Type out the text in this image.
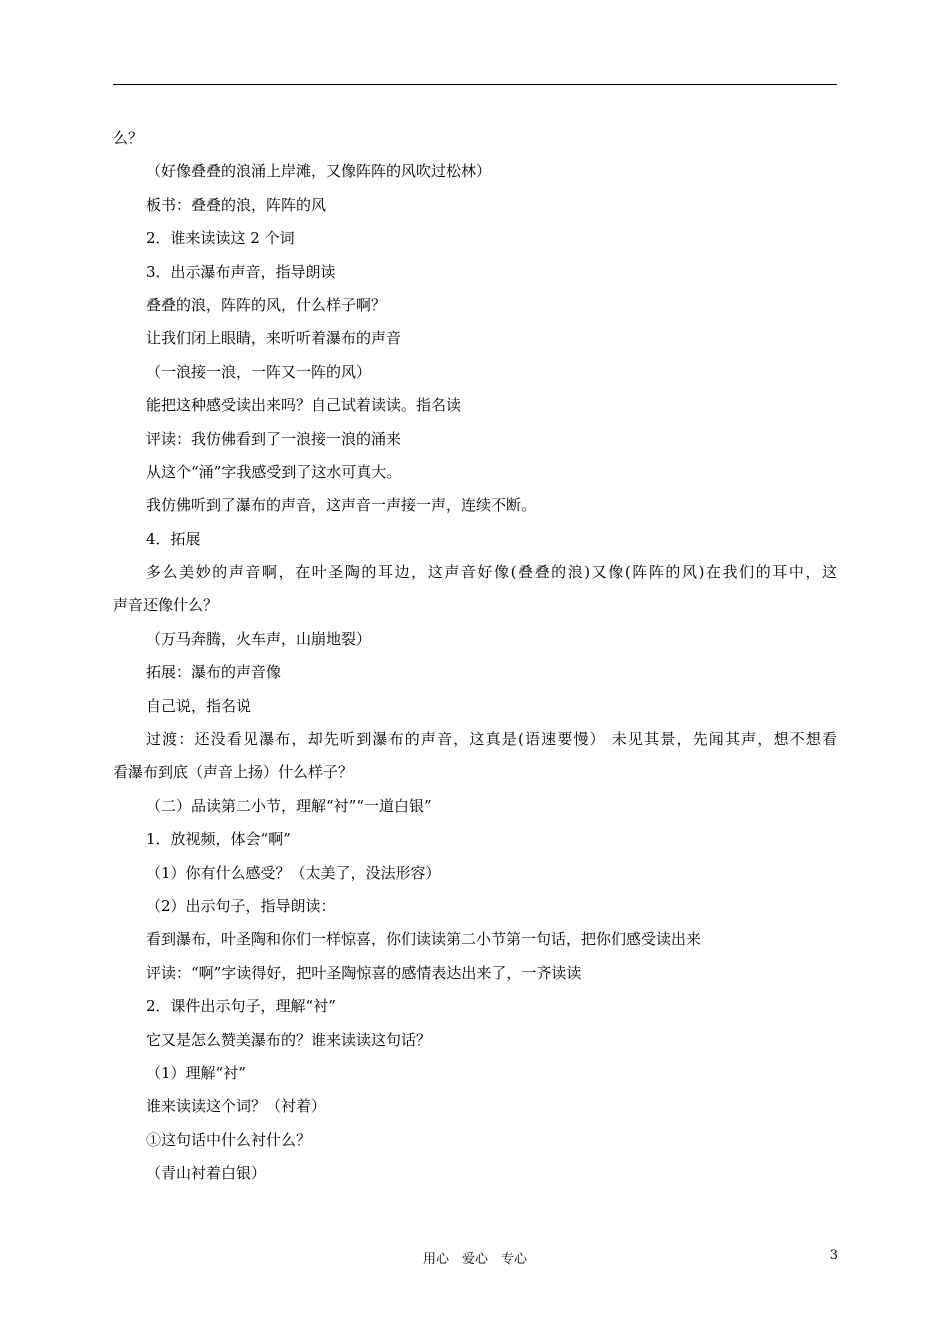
么？
（好像叠叠的浪涌上岸滩，又像阵阵的风吹过松林）
板书：叠叠的浪，阵阵的风
2．谁来读读这 2 个词
3．出示瀑布声音，指导朗读
叠叠的浪，阵阵的风，什么样子啊？
让我们闭上眼睛，来听听着瀑布的声音
（一浪接一浪，一阵又一阵的风）
能把这种感受读出来吗？自己试着读读。指名读
评读：我仿佛看到了一浪接一浪的涌来
从这个“涌”字我感受到了这水可真大。
我仿佛听到了瀑布的声音，这声音一声接一声，连续不断。
4．拓展
多么美妙的声音啊，在叶圣陶的耳边，这声音好像(叠叠的浪)又像(阵阵的风)在我们的耳中，这
声音还像什么？
（万马奔腾，火车声，山崩地裂）
拓展：瀑布的声音像
自己说，指名说
过渡：还没看见瀑布，却先听到瀑布的声音，这真是(语速要慢） 未见其景，先闻其声，想不想看
看瀑布到底（声音上扬）什么样子？
（二）品读第二小节，理解“衬”“一道白银”
1．放视频，体会“啊”
（1）你有什么感受？（太美了，没法形容）
（2）出示句子，指导朗读：
看到瀑布，叶圣陶和你们一样惊喜，你们读读第二小节第一句话，把你们感受读出来
评读：“啊”字读得好，把叶圣陶惊喜的感情表达出来了，一齐读读
2．课件出示句子，理解“衬”
它又是怎么赞美瀑布的？谁来读读这句话？
（1）理解“衬”
谁来读读这个词？（衬着）
①这句话中什么衬什么？
（青山衬着白银）
用心　爱心　专心	3
